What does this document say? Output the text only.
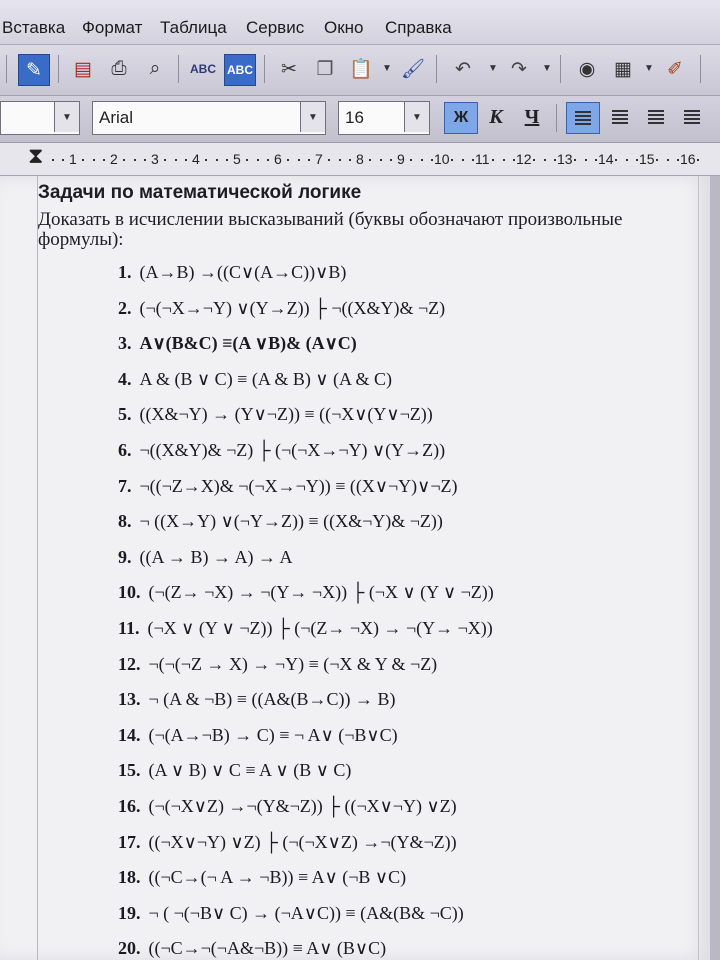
Вставка Формат Таблица Сервис Окно Справка
✎	▤	⎙	⌕	ABC ABC	✂	❐ 📋 ▼ 🖌	↶	▼ ↷	▼	◉ ▦	▼ ✐
▼	Arial	▼	16	▼	Ж	К	Ч
⧗ 1 2 3 4 5 6 7 8 9 10 11 12 13 14 15 16
Задачи по математической логике
Доказать в исчислении высказываний (буквы обозначают произвольные формулы):
1. (A→B) →((C∨(A→C))∨B)
2. (¬(¬X→¬Y) ∨(Y→Z)) ├ ¬((X&Y)& ¬Z)
3. A∨(B&C) ≡(A ∨B)& (A∨C)
4. A & (B ∨ C) ≡ (A & B) ∨ (A & C)
5. ((X&¬Y) → (Y∨¬Z)) ≡ ((¬X∨(Y∨¬Z))
6. ¬((X&Y)& ¬Z) ├ (¬(¬X→¬Y) ∨(Y→Z))
7. ¬((¬Z→X)& ¬(¬X→¬Y)) ≡ ((X∨¬Y)∨¬Z)
8. ¬ ((X→Y) ∨(¬Y→Z)) ≡ ((X&¬Y)& ¬Z))
9. ((A → B) → A) → A
10. (¬(Z→ ¬X) → ¬(Y→ ¬X)) ├ (¬X ∨ (Y ∨ ¬Z))
11. (¬X ∨ (Y ∨ ¬Z)) ├ (¬(Z→ ¬X) → ¬(Y→ ¬X))
12. ¬(¬(¬Z → X) → ¬Y) ≡ (¬X & Y & ¬Z)
13. ¬ (A & ¬B) ≡ ((A&(B→C)) → B)
14. (¬(A→¬B) → C) ≡ ¬ A∨ (¬B∨C)
15. (A ∨ B) ∨ C ≡ A ∨ (B ∨ C)
16. (¬(¬X∨Z) →¬(Y&¬Z)) ├ ((¬X∨¬Y) ∨Z)
17. ((¬X∨¬Y) ∨Z) ├ (¬(¬X∨Z) →¬(Y&¬Z))
18. ((¬C→(¬ A → ¬B)) ≡ A∨ (¬B ∨C)
19. ¬ ( ¬(¬B∨ C) → (¬A∨C)) ≡ (A&(B& ¬C))
20. ((¬C→¬(¬A&¬B)) ≡ A∨ (B∨C)
